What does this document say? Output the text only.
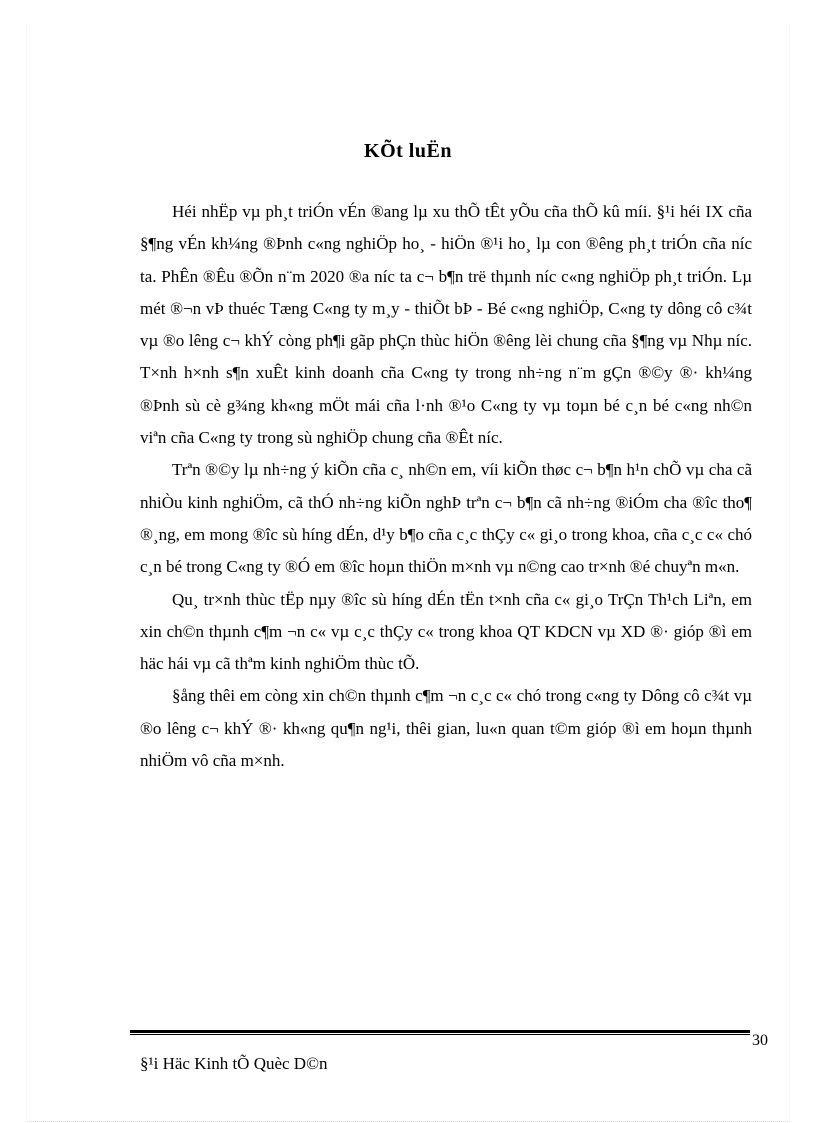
KÕt luËn

Héi nhËp vµ ph¸t triÓn vÉn ®ang lµ xu thÕ tÊt yÕu cña thÕ kû míi. §¹i héi IX cña §¶ng vÉn kh¼ng ®Þnh c«ng nghiÖp ho¸ - hiÖn ®¹i ho¸ lµ con ®êng ph¸t triÓn cña níc ta. PhÊn ®Êu ®Õn n¨m 2020 ®a níc ta c¬ b¶n trë thµnh níc c«ng nghiÖp ph¸t triÓn. Lµ mét ®¬n vÞ thuéc Tæng C«ng ty m¸y - thiÕt bÞ - Bé c«ng nghiÖp, C«ng ty dông cô c¾t vµ ®o lêng c¬ khÝ còng ph¶i gãp phÇn thùc hiÖn ®êng lèi chung cña §¶ng vµ Nhµ níc. T×nh h×nh s¶n xuÊt kinh doanh cña C«ng ty trong nh÷ng n¨m gÇn ®©y ®· kh¼ng ®Þnh sù cè g¾ng kh«ng mÖt mái cña l·nh ®¹o C«ng ty vµ toµn bé c¸n bé c«ng nh©n viªn cña C«ng ty trong sù nghiÖp chung cña ®Êt níc.

Trªn ®©y lµ nh÷ng ý kiÕn cña c¸ nh©n em, víi kiÕn thøc c¬ b¶n h¹n chÕ vµ cha cã nhiÒu kinh nghiÖm, cã thÓ nh÷ng kiÕn nghÞ trªn c¬ b¶n cã nh÷ng ®iÓm cha ®îc tho¶ ®¸ng, em mong ®îc sù híng dÉn, d¹y b¶o cña c¸c thÇy c« gi¸o trong khoa, cña c¸c c« chó c¸n bé trong C«ng ty ®Ó em ®îc hoµn thiÖn m×nh vµ n©ng cao tr×nh ®é chuyªn m«n.

Qu¸ tr×nh thùc tËp nµy ®îc sù híng dÉn tËn t×nh cña c« gi¸o TrÇn Th¹ch Liªn, em xin ch©n thµnh c¶m ¬n c« vµ c¸c thÇy c« trong khoa QT KDCN vµ XD ®· gióp ®ì em häc hái vµ cã thªm kinh nghiÖm thùc tÕ.

§ång thêi em còng xin ch©n thµnh c¶m ¬n c¸c c« chó trong c«ng ty Dông cô c¾t vµ ®o lêng c¬ khÝ ®· kh«ng qu¶n ng¹i, thêi gian, lu«n quan t©m gióp ®ì em hoµn thµnh nhiÖm vô cña m×nh.

30
§¹i Häc Kinh tÕ Quèc D©n
